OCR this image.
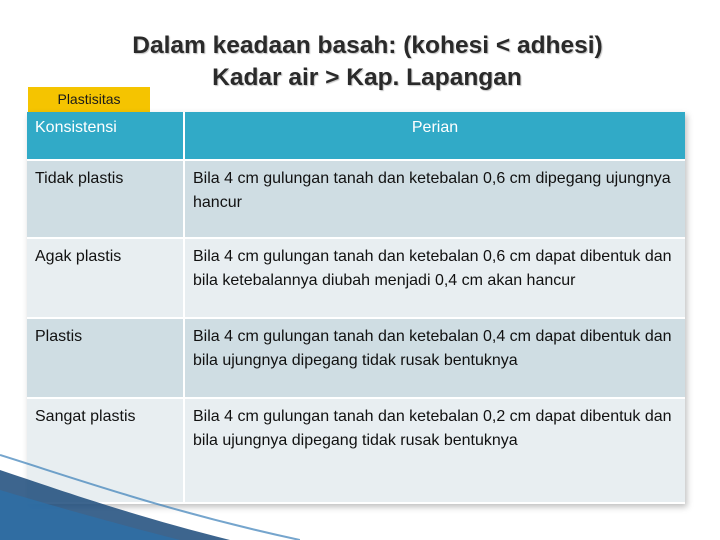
Dalam keadaan basah: (kohesi < adhesi)
Kadar air > Kap. Lapangan
Plastisitas
Konsistensi	Perian
Tidak plastis	Bila 4 cm gulungan tanah dan ketebalan 0,6 cm dipegang ujungnya hancur
Agak plastis	Bila 4 cm gulungan tanah dan ketebalan 0,6 cm dapat dibentuk dan bila ketebalannya diubah menjadi 0,4 cm akan hancur
Plastis	Bila 4 cm gulungan tanah dan ketebalan 0,4 cm dapat dibentuk dan bila ujungnya dipegang tidak rusak bentuknya
Sangat plastis	Bila 4 cm gulungan tanah dan ketebalan 0,2 cm dapat dibentuk dan bila ujungnya dipegang tidak rusak bentuknya
